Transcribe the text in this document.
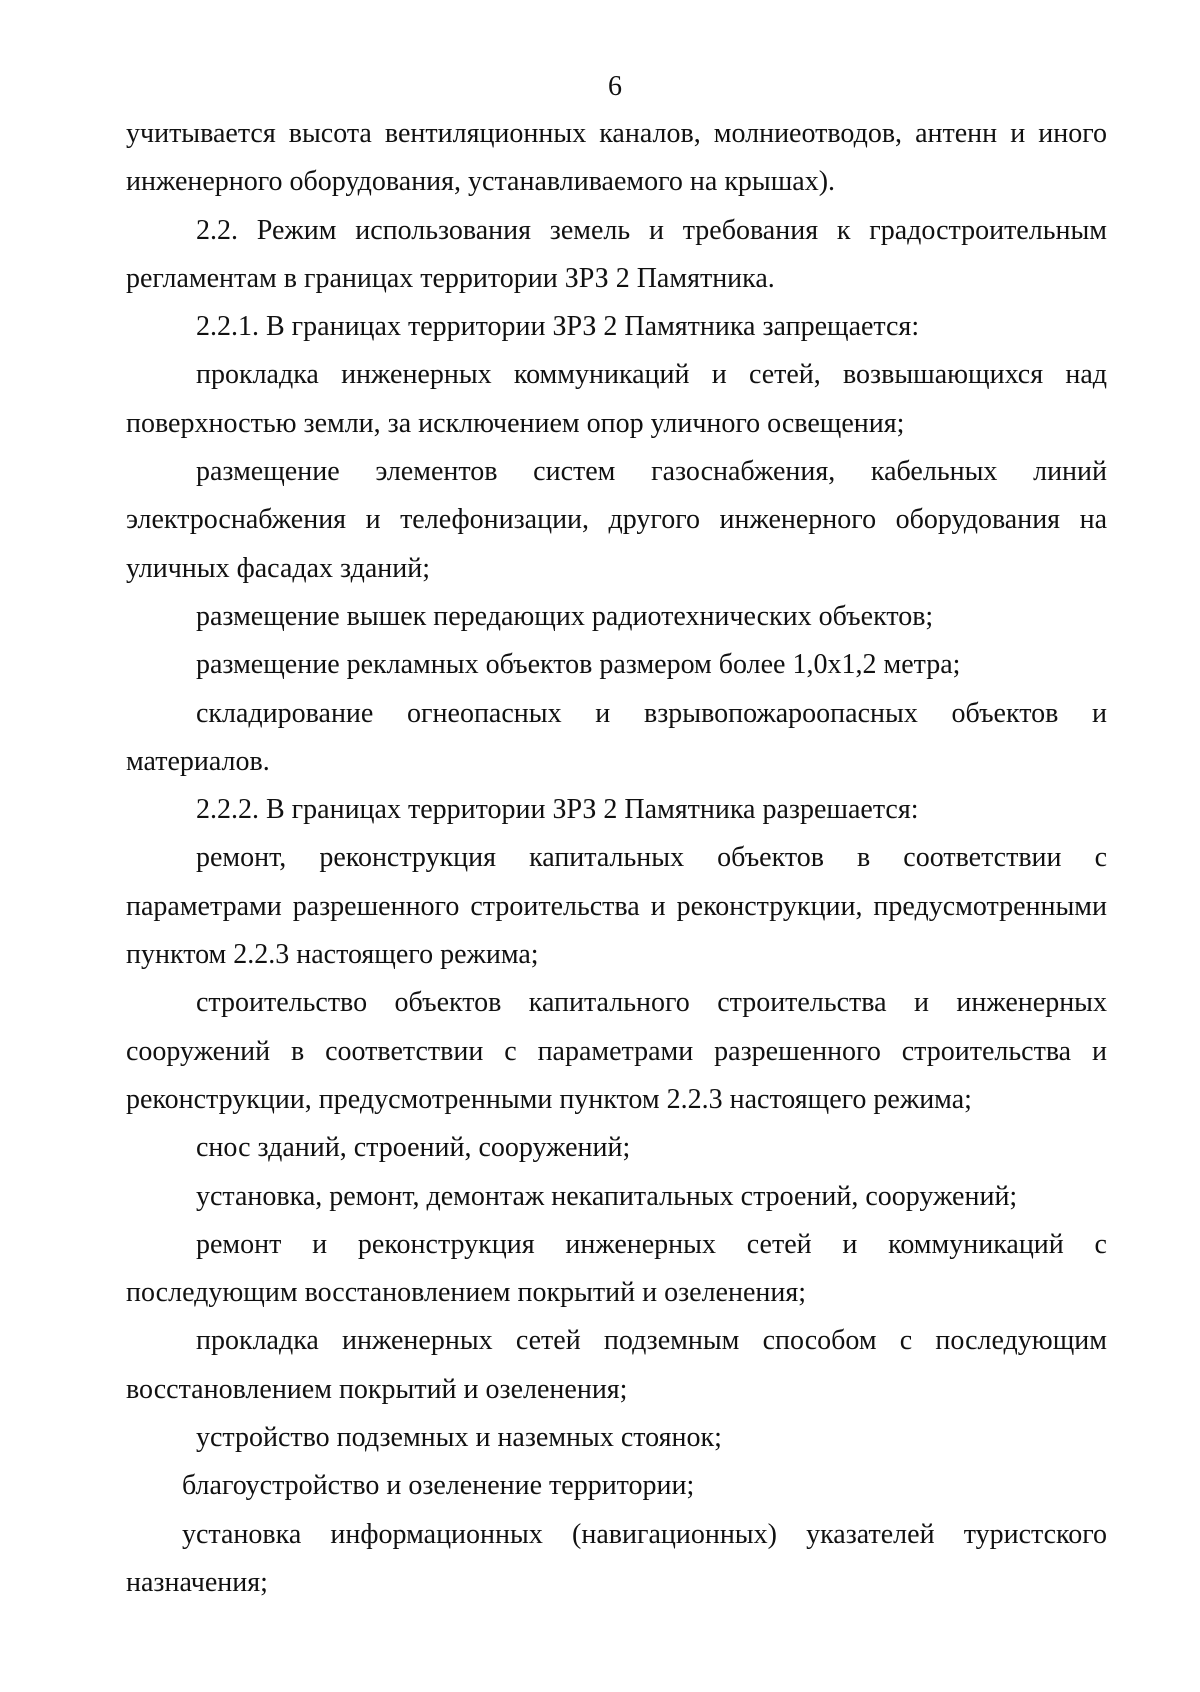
6

учитывается высота вентиляционных каналов, молниеотводов, антенн и иного инженерного оборудования, устанавливаемого на крышах).

2.2. Режим использования земель и требования к градостроительным регламентам в границах территории ЗРЗ 2 Памятника.

2.2.1. В границах территории ЗРЗ 2 Памятника запрещается:

прокладка инженерных коммуникаций и сетей, возвышающихся над поверхностью земли, за исключением опор уличного освещения;

размещение элементов систем газоснабжения, кабельных линий электроснабжения и телефонизации, другого инженерного оборудования на уличных фасадах зданий;

размещение вышек передающих радиотехнических объектов;

размещение рекламных объектов размером более 1,0х1,2 метра;

складирование огнеопасных и взрывопожароопасных объектов и материалов.

2.2.2. В границах территории ЗРЗ 2 Памятника разрешается:

ремонт, реконструкция капитальных объектов в соответствии с параметрами разрешенного строительства и реконструкции, предусмотренными пунктом 2.2.3 настоящего режима;

строительство объектов капитального строительства и инженерных сооружений в соответствии с параметрами разрешенного строительства и реконструкции, предусмотренными пунктом 2.2.3 настоящего режима;

снос зданий, строений, сооружений;

установка, ремонт, демонтаж некапитальных строений, сооружений;

ремонт и реконструкция инженерных сетей и коммуникаций с последующим восстановлением покрытий и озеленения;

прокладка инженерных сетей подземным способом с последующим восстановлением покрытий и озеленения;

устройство подземных и наземных стоянок;

благоустройство и озеленение территории;

установка информационных (навигационных) указателей туристского назначения;
